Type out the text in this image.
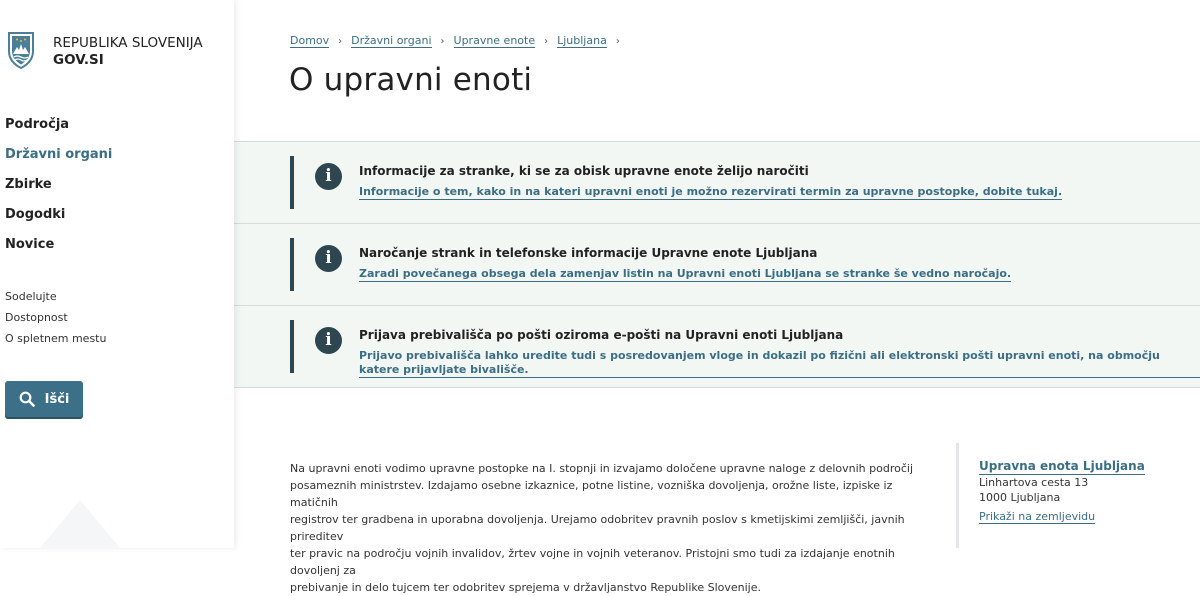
REPUBLIKA SLOVENIJA
GOV.SI
Področja
Državni organi
Zbirke
Dogodki
Novice
Sodelujte
Dostopnost
O spletnem mestu
Išči
Domov › Državni organi › Upravne enote › Ljubljana ›
O upravni enoti
i	Informacije za stranke, ki se za obisk upravne enote želijo naročiti
Informacije o tem, kako in na kateri upravni enoti je možno rezervirati termin za upravne postopke, dobite tukaj.
i	Naročanje strank in telefonske informacije Upravne enote Ljubljana
Zaradi povečanega obsega dela zamenjav listin na Upravni enoti Ljubljana se stranke še vedno naročajo.
i	Prijava prebivališča po pošti oziroma e-pošti na Upravni enoti Ljubljana
Prijavo prebivališča lahko uredite tudi s posredovanjem vloge in dokazil po fizični ali elektronski pošti upravni enoti, na območju katere prijavljate bivališče.
Na upravni enoti vodimo upravne postopke na I. stopnji in izvajamo določene upravne naloge z delovnih področij
posameznih ministrstev. Izdajamo osebne izkaznice, potne listine, vozniška dovoljenja, orožne liste, izpiske iz matičnih
registrov ter gradbena in uporabna dovoljenja. Urejamo odobritev pravnih poslov s kmetijskimi zemljišči, javnih prireditev
ter pravic na področju vojnih invalidov, žrtev vojne in vojnih veteranov. Pristojni smo tudi za izdajanje enotnih dovoljenj za
prebivanje in delo tujcem ter odobritev sprejema v državljanstvo Republike Slovenije.
Upravna enota Ljubljana
Linhartova cesta 13
1000 Ljubljana
Prikaži na zemljevidu
